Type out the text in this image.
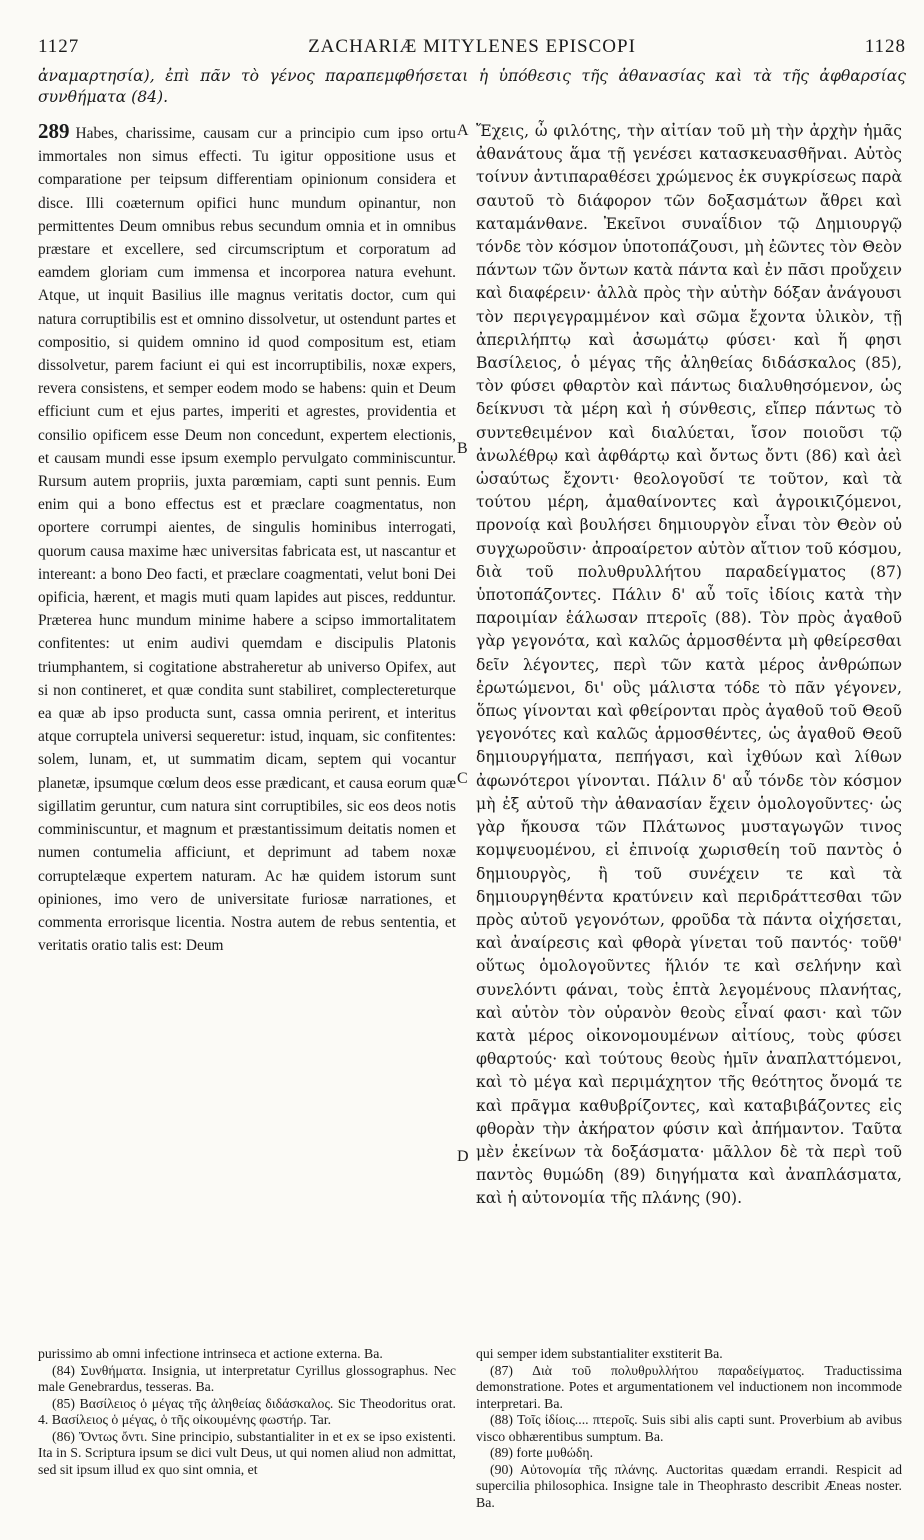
1127	ZACHARIÆ MITYLENES EPISCOPI	1128

ἀναμαρτησία), ἐπὶ πᾶν τὸ γένος παραπεμφθήσεται ἡ ὑπόθεσις τῆς ἀθανασίας καὶ τὰ τῆς ἀφθαρσίας συνθήματα (84).

289 Habes, charissime, causam cur a principio cum ipso ortu immortales non simus effecti. Tu igitur oppositione usus et comparatione per teipsum differentiam opinionum considera et disce. Illi coæternum opifici hunc mundum opinantur, non permittentes Deum omnibus rebus secundum omnia et in omnibus præstare et excellere, sed circumscriptum et corporatum ad eamdem gloriam cum immensa et incorporea natura evehunt. Atque, ut inquit Basilius ille magnus veritatis doctor, cum qui natura corruptibilis est et omnino dissolvetur, ut ostendunt partes et compositio, si quidem omnino id quod compositum est, etiam dissolvetur, parem faciunt ei qui est incorruptibilis, noxæ expers, revera consistens, et semper eodem modo se habens: quin et Deum efficiunt cum et ejus partes, imperiti et agrestes, providentia et consilio opificem esse Deum non concedunt, expertem electionis, et causam mundi esse ipsum exemplo pervulgato comminiscuntur. Rursum autem propriis, juxta parœmiam, capti sunt pennis. Eum enim qui a bono effectus est et præclare coagmentatus, non oportere corrumpi aientes, de singulis hominibus interrogati, quorum causa maxime hæc universitas fabricata est, ut nascantur et intereant: a bono Deo facti, et præclare coagmentati, velut boni Dei opificia, hærent, et magis muti quam lapides aut pisces, redduntur. Præterea hunc mundum minime habere a scipso immortalitatem confitentes: ut enim audivi quemdam e discipulis Platonis triumphantem, si cogitatione abstraheretur ab universo Opifex, aut si non contineret, et quæ condita sunt stabiliret, complectereturque ea quæ ab ipso producta sunt, cassa omnia perirent, et interitus atque corruptela universi sequeretur: istud, inquam, sic confitentes: solem, lunam, et, ut summatim dicam, septem qui vocantur planetæ, ipsumque cœlum deos esse prædicant, et causa eorum quæ sigillatim geruntur, cum natura sint corruptibiles, sic eos deos notis comminiscuntur, et magnum et præstantissimum deitatis nomen et numen contumelia afficiunt, et deprimunt ad tabem noxæ corruptelæque expertem naturam. Ac hæ quidem istorum sunt opiniones, imo vero de universitate furiosæ narrationes, et commenta errorisque licentia. Nostra autem de rebus sententia, et veritatis oratio talis est: Deum

A
B
C
D

Ἔχεις, ὦ φιλότης, τὴν αἰτίαν τοῦ μὴ τὴν ἀρχὴν ἡμᾶς ἀθανάτους ἅμα τῇ γενέσει κατασκευασθῆναι. Αὐτὸς τοίνυν ἀντιπαραθέσει χρώμενος ἐκ συγκρίσεως παρὰ σαυτοῦ τὸ διάφορον τῶν δοξασμάτων ἄθρει καὶ καταμάνθανε. Ἐκεῖνοι συναΐδιον τῷ Δημιουργῷ τόνδε τὸν κόσμον ὑποτοπάζουσι, μὴ ἐῶντες τὸν Θεὸν πάντων τῶν ὄντων κατὰ πάντα καὶ ἐν πᾶσι προὔχειν καὶ διαφέρειν· ἀλλὰ πρὸς τὴν αὐτὴν δόξαν ἀνάγουσι τὸν περιγεγραμμένον καὶ σῶμα ἔχοντα ὑλικὸν, τῇ ἀπεριλήπτῳ καὶ ἀσωμάτῳ φύσει· καὶ ἥ φησι Βασίλειος, ὁ μέγας τῆς ἀληθείας διδάσκαλος (85), τὸν φύσει φθαρτὸν καὶ πάντως διαλυθησόμενον, ὡς δείκνυσι τὰ μέρη καὶ ἡ σύνθεσις, εἴπερ πάντως τὸ συντεθειμένον καὶ διαλύεται, ἴσον ποιοῦσι τῷ ἀνωλέθρῳ καὶ ἀφθάρτῳ καὶ ὄντως ὄντι (86) καὶ ἀεὶ ὡσαύτως ἔχοντι· θεολογοῦσί τε τοῦτον, καὶ τὰ τούτου μέρη, ἀμαθαίνοντες καὶ ἀγροικιζόμενοι, προνοίᾳ καὶ βουλήσει δημιουργὸν εἶναι τὸν Θεὸν οὐ συγχωροῦσιν· ἀπροαίρετον αὐτὸν αἴτιον τοῦ κόσμου, διὰ τοῦ πολυθρυλλήτου παραδείγματος (87) ὑποτοπάζοντες. Πάλιν δ' αὖ τοῖς ἰδίοις κατὰ τὴν παροιμίαν ἑάλωσαν πτεροῖς (88). Τὸν πρὸς ἀγαθοῦ γὰρ γεγονότα, καὶ καλῶς ἁρμοσθέντα μὴ φθείρεσθαι δεῖν λέγοντες, περὶ τῶν κατὰ μέρος ἀνθρώπων ἐρωτώμενοι, δι' οὓς μάλιστα τόδε τὸ πᾶν γέγονεν, ὅπως γίνονται καὶ φθείρονται πρὸς ἀγαθοῦ τοῦ Θεοῦ γεγονότες καὶ καλῶς ἁρμοσθέντες, ὡς ἀγαθοῦ Θεοῦ δημιουργήματα, πεπήγασι, καὶ ἰχθύων καὶ λίθων ἀφωνότεροι γίνονται. Πάλιν δ' αὖ τόνδε τὸν κόσμον μὴ ἐξ αὐτοῦ τὴν ἀθανασίαν ἔχειν ὁμολογοῦντες· ὡς γὰρ ἤκουσα τῶν Πλάτωνος μυσταγωγῶν τινος κομψευομένου, εἰ ἐπινοίᾳ χωρισθείη τοῦ παντὸς ὁ δημιουργὸς, ἢ τοῦ συνέχειν τε καὶ τὰ δημιουργηθέντα κρατύνειν καὶ περιδράττεσθαι τῶν πρὸς αὐτοῦ γεγονότων, φροῦδα τὰ πάντα οἰχήσεται, καὶ ἀναίρεσις καὶ φθορὰ γίνεται τοῦ παντός· τοῦθ' οὕτως ὁμολογοῦντες ἥλιόν τε καὶ σελήνην καὶ συνελόντι φάναι, τοὺς ἑπτὰ λεγομένους πλανήτας, καὶ αὐτὸν τὸν οὐρανὸν θεοὺς εἶναί φασι· καὶ τῶν κατὰ μέρος οἰκονομουμένων αἰτίους, τοὺς φύσει φθαρτούς· καὶ τούτους θεοὺς ἡμῖν ἀναπλαττόμενοι, καὶ τὸ μέγα καὶ περιμάχητον τῆς θεότητος ὄνομά τε καὶ πρᾶγμα καθυβρίζοντες, καὶ καταβιβάζοντες εἰς φθορὰν τὴν ἀκήρατον φύσιν καὶ ἀπήμαντον. Ταῦτα μὲν ἐκείνων τὰ δοξάσματα· μᾶλλον δὲ τὰ περὶ τοῦ παντὸς θυμώδη (89) διηγήματα καὶ ἀναπλάσματα, καὶ ἡ αὐτονομία τῆς πλάνης (90).

purissimo ab omni infectione intrinseca et actione externa. Ba.

(84) Συνθήματα. Insignia, ut interpretatur Cyrillus glossographus. Nec male Genebrardus, tesseras. Ba.

(85) Βασίλειος ὁ μέγας τῆς ἀληθείας διδάσκαλος. Sic Theodoritus orat. 4. Βασίλειος ὁ μέγας, ὁ τῆς οἰκουμένης φωστήρ. Tar.

(86) Ὄντως ὄντι. Sine principio, substantialiter in et ex se ipso existenti. Ita in S. Scriptura ipsum se dici vult Deus, ut qui nomen aliud non admittat, sed sit ipsum illud ex quo sint omnia, et

qui semper idem substantialiter exstiterit Ba.

(87) Διὰ τοῦ πολυθρυλλήτου παραδείγματος. Traductissima demonstratione. Potes et argumentationem vel inductionem non incommode interpretari. Ba.

(88) Τοῖς ἰδίοις.... πτεροῖς. Suis sibi alis capti sunt. Proverbium ab avibus visco obhærentibus sumptum. Ba.

(89) forte μυθώδη.

(90) Αὐτονομία τῆς πλάνης. Auctoritas quædam errandi. Respicit ad supercilia philosophica. Insigne tale in Theophrasto describit Æneas noster. Ba.
